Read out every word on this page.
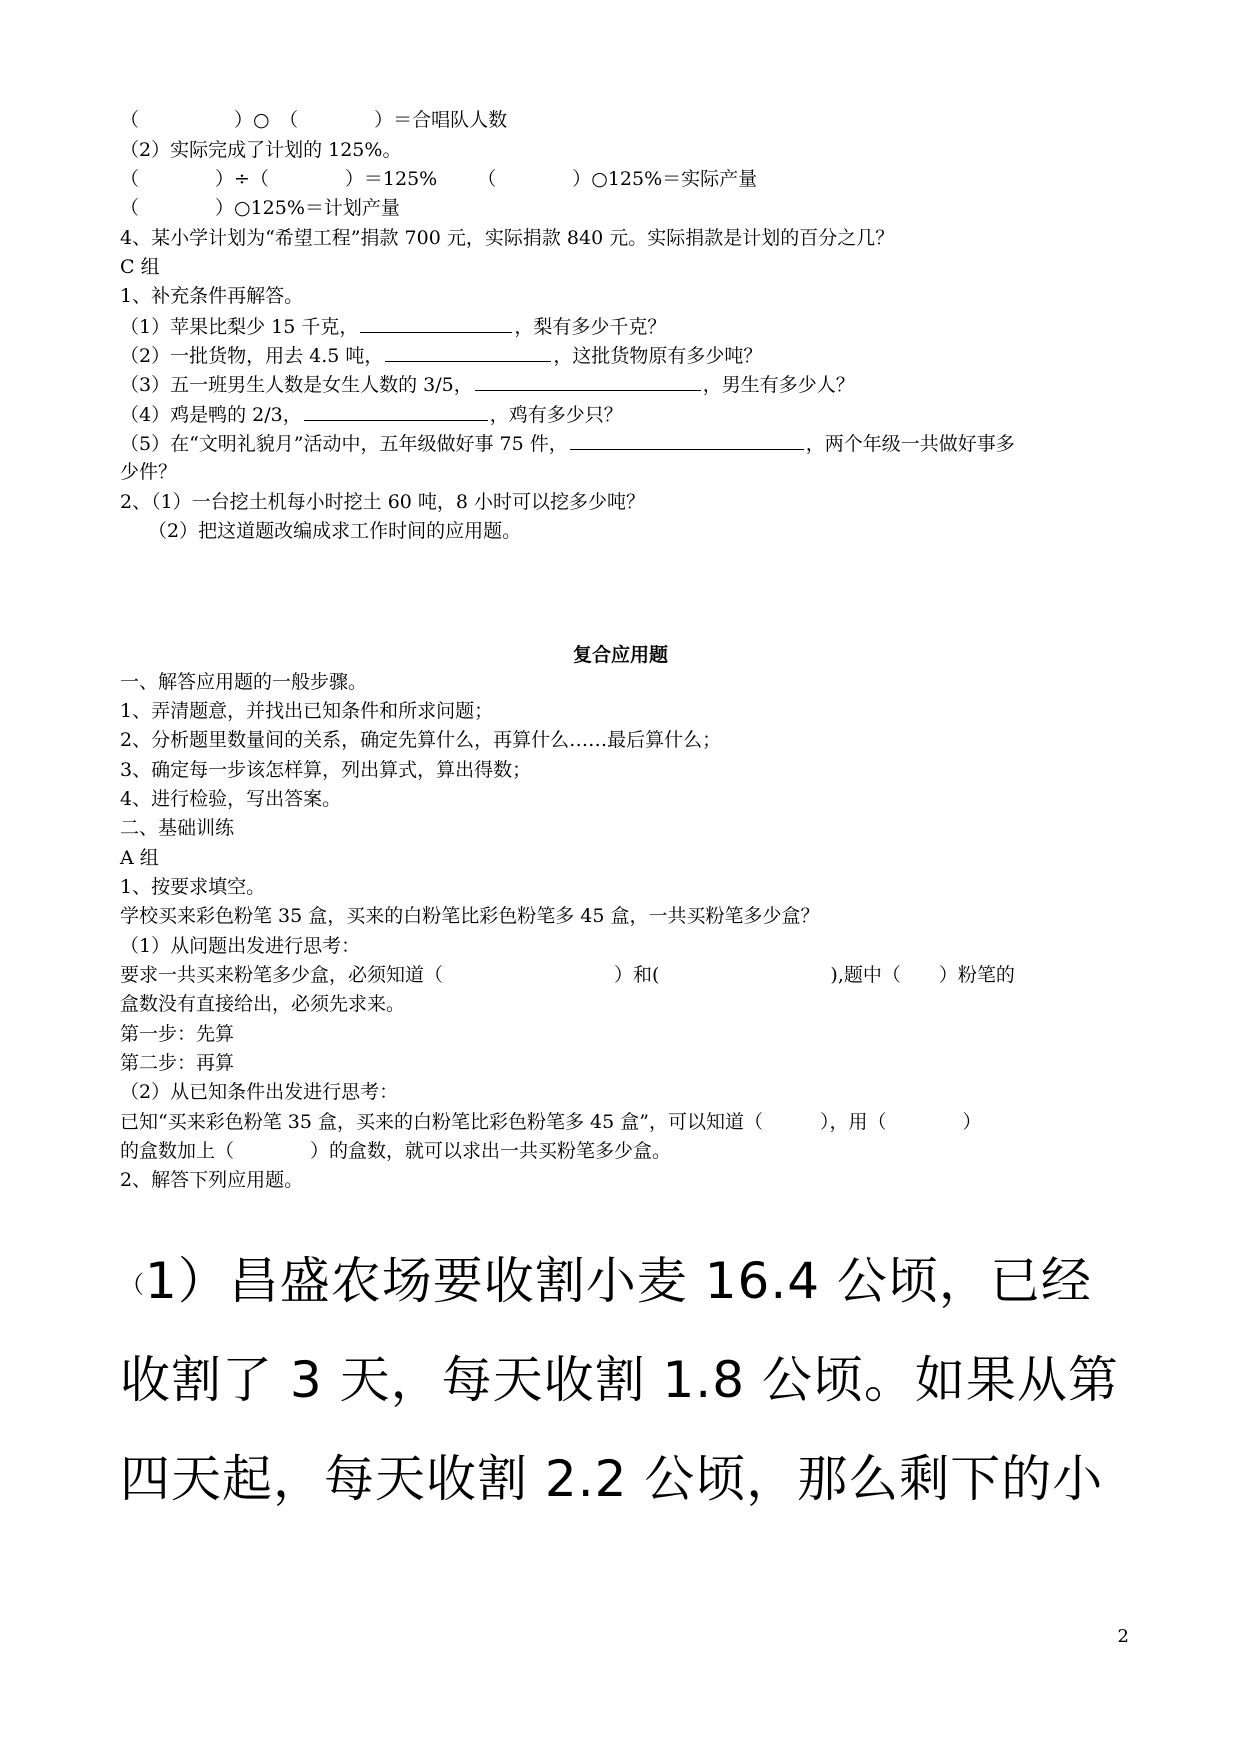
（　　　　　）○　（　　　　）＝合唱队人数
（2）实际完成了计划的 125%。
（　　　　）÷（　　　　）＝125% （　　　　）○125%＝实际产量
（　　　　）○125%＝计划产量
4、某小学计划为“希望工程”捐款 700 元，实际捐款 840 元。实际捐款是计划的百分之几？
C 组
1、补充条件再解答。
（1）苹果比梨少 15 千克，	，梨有多少千克？
（2）一批货物，用去 4.5 吨，	，这批货物原有多少吨？
（3）五一班男生人数是女生人数的 3/5，	，男生有多少人？
（4）鸡是鸭的 2/3，	，鸡有多少只？
（5）在“文明礼貌月”活动中，五年级做好事 75 件，	，两个年级一共做好事多
少件？
2、（1）一台挖土机每小时挖土 60 吨，8 小时可以挖多少吨？
（2）把这道题改编成求工作时间的应用题。
复合应用题
一、解答应用题的一般步骤。
1、弄清题意，并找出已知条件和所求问题；
2、分析题里数量间的关系，确定先算什么，再算什么……最后算什么；
3、确定每一步该怎样算，列出算式，算出得数；
4、进行检验，写出答案。
二、基础训练
A 组
1、按要求填空。
学校买来彩色粉笔 35 盒，买来的白粉笔比彩色粉笔多 45 盒，一共买粉笔多少盒？
（1）从问题出发进行思考：
要求一共买来粉笔多少盒，必须知道（　　　　　　　　　）和(　　　　　　　　　),题中（　　）粉笔的
盒数没有直接给出，必须先求来。
第一步：先算
第二步：再算
（2）从已知条件出发进行思考：
已知“买来彩色粉笔 35 盒，买来的白粉笔比彩色粉笔多 45 盒”，可以知道（　　　），用（　　　　）
的盒数加上（　　　　）的盒数，就可以求出一共买粉笔多少盒。
2、解答下列应用题。
（1）昌盛农场要收割小麦 16.4 公顷，已经
收割了 3 天，每天收割 1.8 公顷。如果从第
四天起，每天收割 2.2 公顷，那么剩下的小
2
